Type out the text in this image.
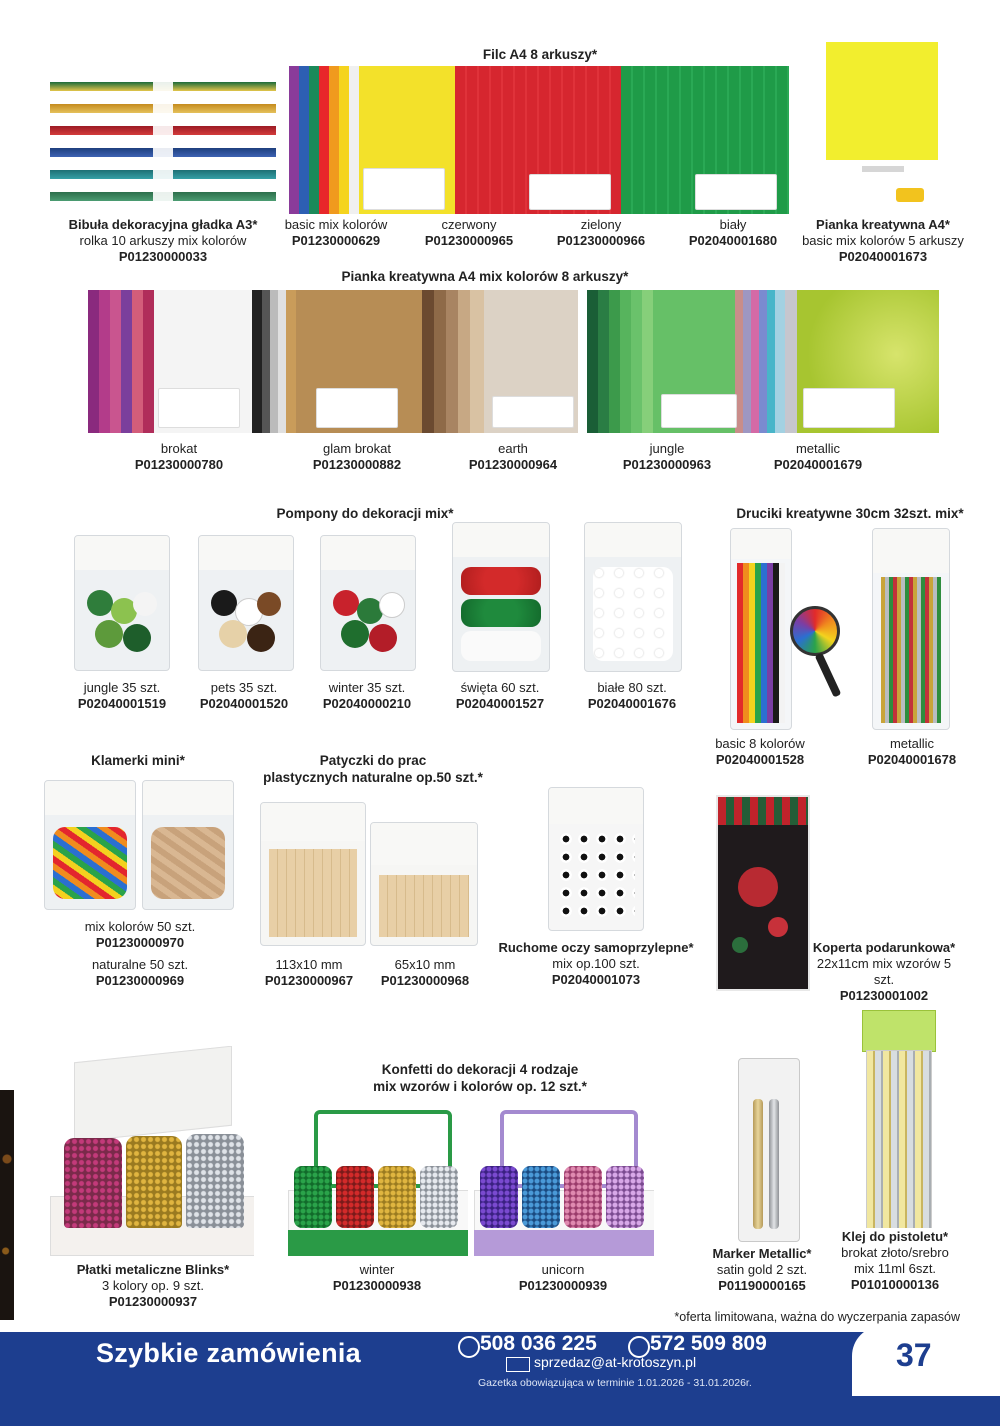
Filc A4 8 arkuszy*
Bibuła dekoracyjna gładka A3*
rolka 10 arkuszy mix kolorów
P01230000033
basic mix kolorów
P01230000629
czerwony
P01230000965
zielony
P01230000966
biały
P02040001680
Pianka kreatywna A4*
basic mix kolorów 5 arkuszy
P02040001673
Pianka kreatywna A4 mix kolorów 8 arkuszy*
brokat
P01230000780
glam brokat
P01230000882
earth
P01230000964
jungle
P01230000963
metallic
P02040001679
Pompony do dekoracji mix*	Druciki kreatywne 30cm 32szt. mix*
jungle 35 szt.
P02040001519
pets 35 szt.
P02040001520
winter 35 szt.
P02040000210
święta 60 szt.
P02040001527
białe 80 szt.
P02040001676
basic 8 kolorów
P02040001528
metallic
P02040001678
Klamerki mini*	Patyczki do prac
plastycznych naturalne op.50 szt.*
mix kolorów 50 szt.
P01230000970
naturalne 50 szt.
P01230000969
113x10 mm
P01230000967
65x10 mm
P01230000968
Ruchome oczy samoprzylepne*
mix op.100 szt.
P02040001073
Koperta podarunkowa*
22x11cm mix wzorów 5 szt.
P01230001002
Konfetti do dekoracji 4 rodzaje
mix wzorów i kolorów op. 12 szt.*
Płatki metaliczne Blinks*
3 kolory op. 9 szt.
P01230000937
winter
P01230000938
unicorn
P01230000939
Marker Metallic*
satin gold 2 szt.
P01190000165
Klej do pistoletu*
brokat złoto/srebro
mix 11ml 6szt.
P01010000136
*oferta limitowana, ważna do wyczerpania zapasów
Szybkie zamówienia	508 036 225	572 509 809
sprzedaz@at-krotoszyn.pl
Gazetka obowiązująca w terminie 1.01.2026 - 31.01.2026r.
37
